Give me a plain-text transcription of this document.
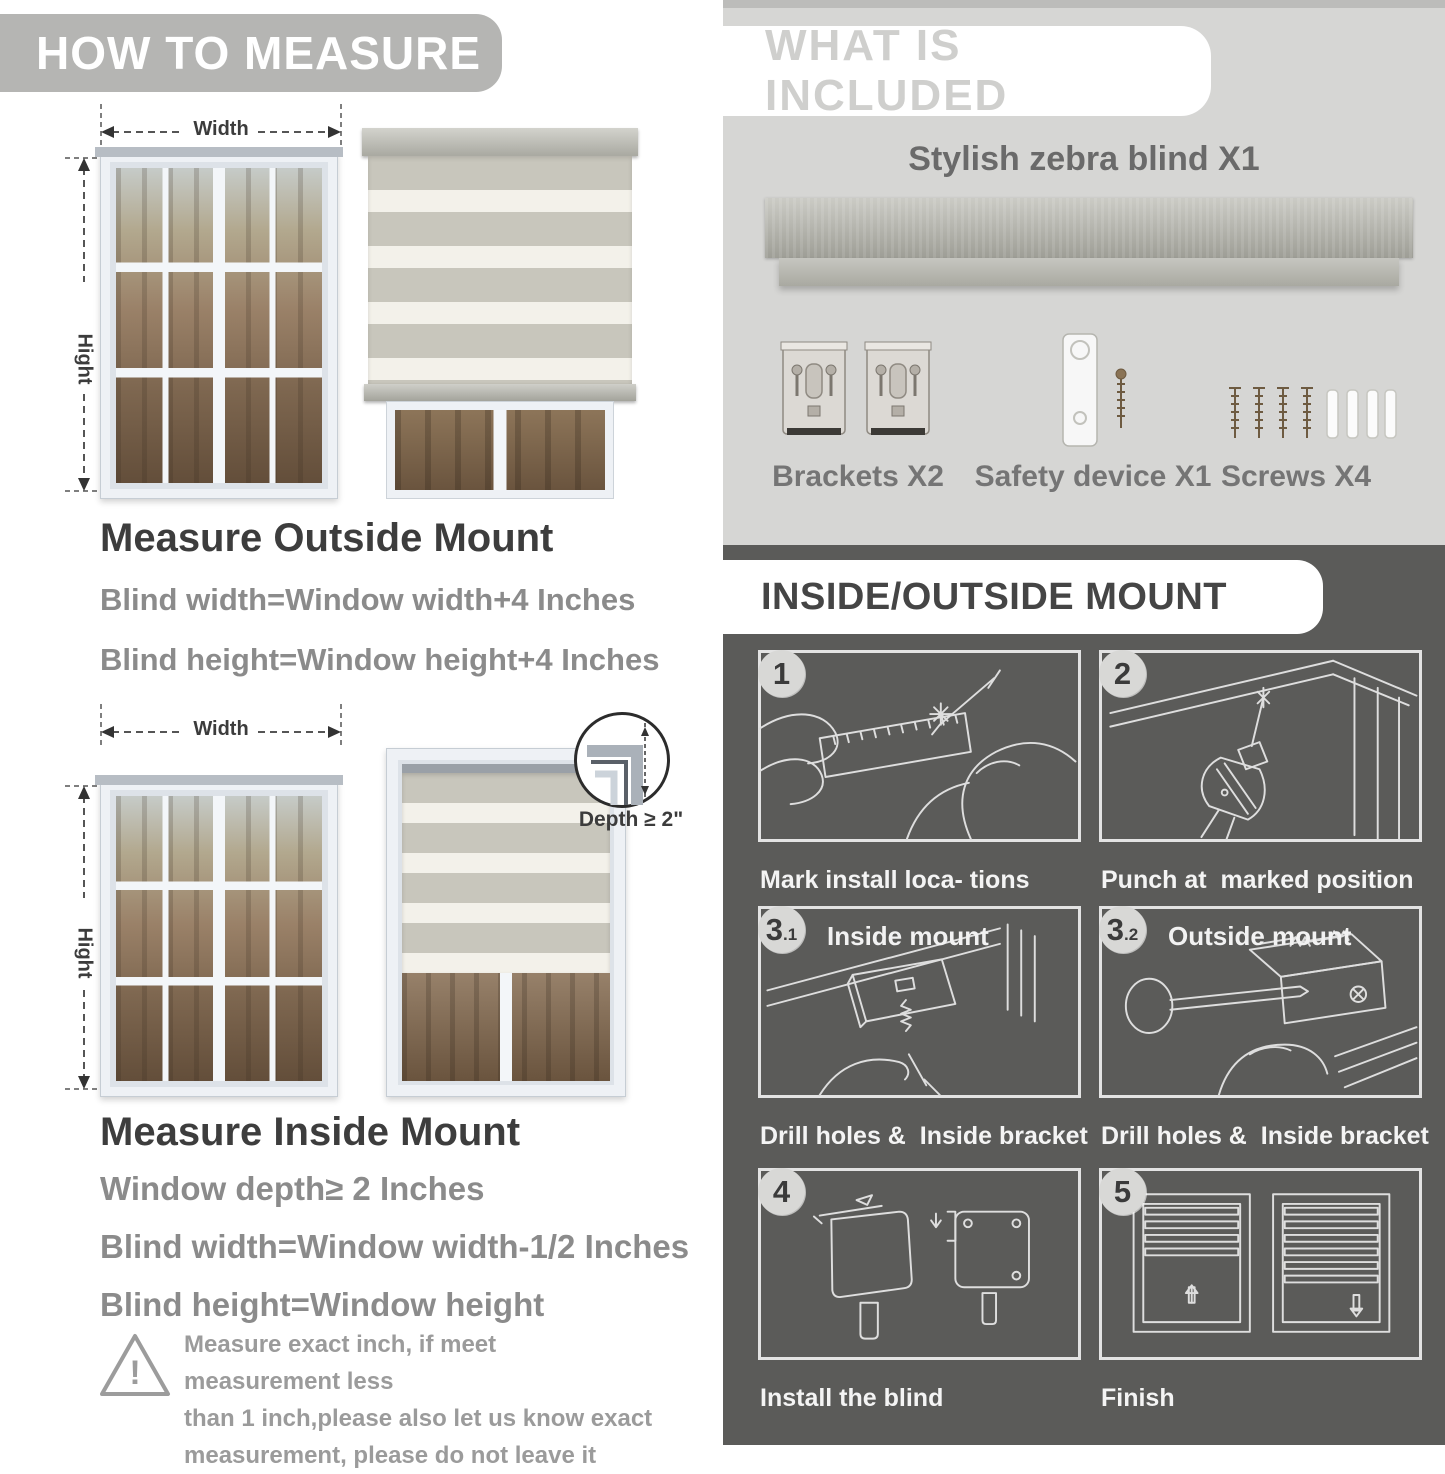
HOW TO MEASURE
Width
Hight
Measure Outside Mount
Blind width=Window width+4 Inches
Blind height=Window height+4 Inches
Width
Hight
Depth ≥ 2"
Measure Inside Mount
Window depth≥ 2 Inches
Blind width=Window width-1/2 Inches
Blind height=Window height
!
Measure exact inch, if meet measurement less
than 1 inch,please also let us know exact
measurement, please do not leave it
WHAT IS INCLUDED
Stylish zebra blind X1
Brackets X2	Safety device X1 Screws X4
INSIDE/OUTSIDE MOUNT
1
Mark install loca- tions
2
Punch at  marked position
3 .1 Inside mount
Drill holes &  Inside bracket
3 .2 Outside mount
Drill holes &  Inside bracket
4
Install the blind
5
Finish
